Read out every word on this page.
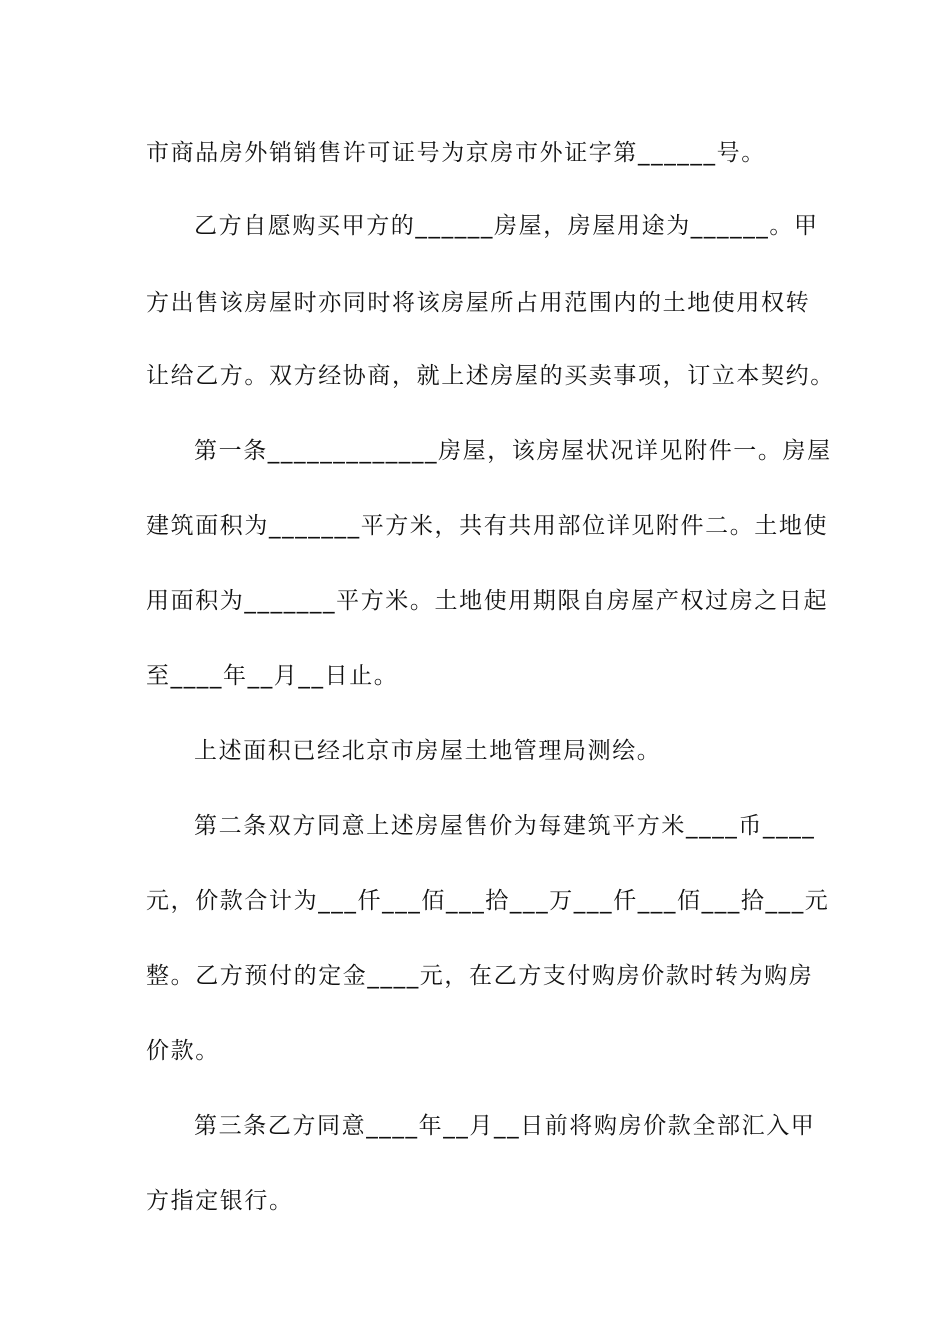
市商品房外销销售许可证号为京房市外证字第______号。
乙方自愿购买甲方的______房屋，房屋用途为______。甲
方出售该房屋时亦同时将该房屋所占用范围内的土地使用权转
让给乙方。双方经协商，就上述房屋的买卖事项，订立本契约。
第一条_____________房屋，该房屋状况详见附件一。房屋
建筑面积为_______平方米，共有共用部位详见附件二。土地使
用面积为_______平方米。土地使用期限自房屋产权过房之日起
至____年__月__日止。
上述面积已经北京市房屋土地管理局测绘。
第二条双方同意上述房屋售价为每建筑平方米____币____
元，价款合计为___仟___佰___拾___万___仟___佰___拾___元
整。乙方预付的定金____元，在乙方支付购房价款时转为购房
价款。
第三条乙方同意____年__月__日前将购房价款全部汇入甲
方指定银行。
